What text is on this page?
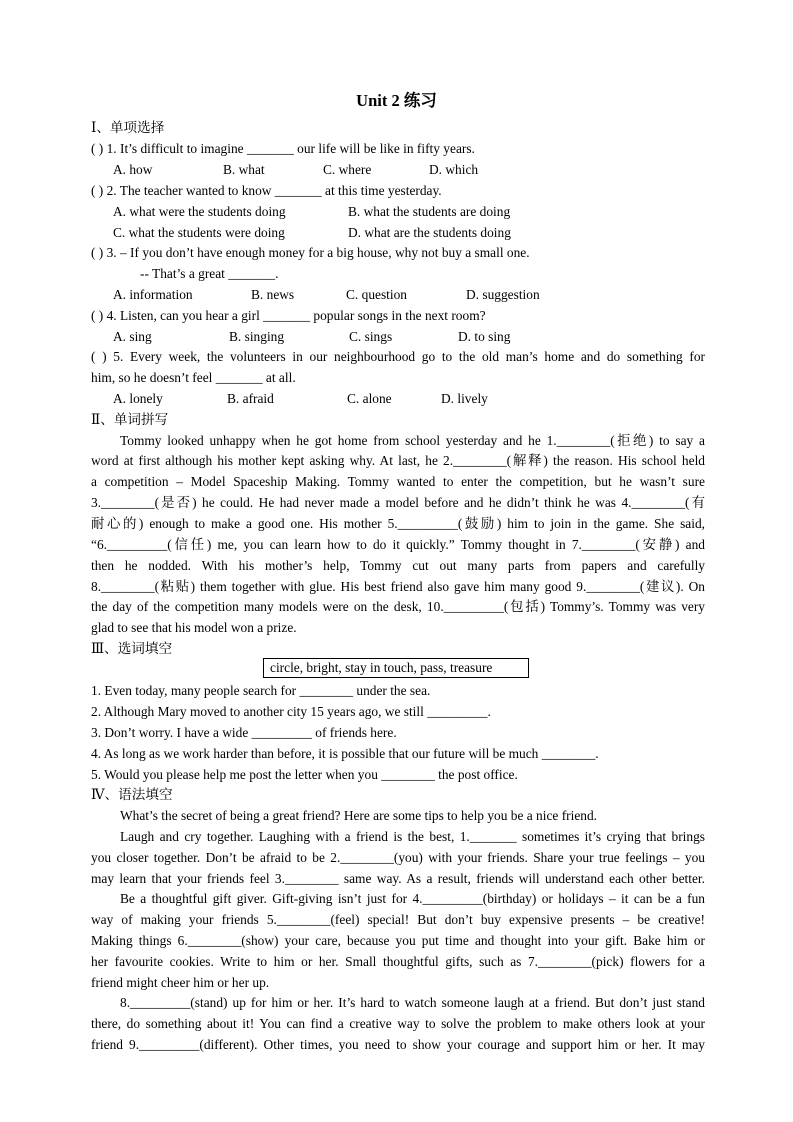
Unit 2 练习
Ⅰ、单项选择
( ) 1. It’s difficult to imagine _______ our life will be like in fifty years.
A. how	B. what	C. where	D. which
( ) 2. The teacher wanted to know _______ at this time yesterday.
A. what were the students doing	B. what the students are doing
C. what the students were doing	D. what are the students doing
( ) 3. – If you don’t have enough money for a big house, why not buy a small one.
-- That’s a great _______.
A. information	B. news	C. question	D. suggestion
( ) 4. Listen, can you hear a girl _______ popular songs in the next room?
A. sing	B. singing	C. sings	D. to sing
( ) 5. Every week, the volunteers in our neighbourhood go to the old man’s home and do something for
him, so he doesn’t feel _______ at all.
A. lonely	B. afraid	C. alone	D. lively
Ⅱ、单词拼写
Tommy looked unhappy when he got home from school yesterday and he 1.________(拒绝) to say a
word at first although his mother kept asking why. At last, he 2.________(解释) the reason. His school held
a competition – Model Spaceship Making. Tommy wanted to enter the competition, but he wasn’t sure
3.________(是否) he could. He had never made a model before and he didn’t think he was 4.________(有
耐心的) enough to make a good one. His mother 5._________(鼓励) him to join in the game. She said,
“6._________(信任) me, you can learn how to do it quickly.” Tommy thought in 7.________(安静) and
then he nodded. With his mother’s help, Tommy cut out many parts from papers and carefully
8.________(粘贴) them together with glue. His best friend also gave him many good 9.________(建议). On
the day of the competition many models were on the desk, 10._________(包括) Tommy’s. Tommy was very
glad to see that his model won a prize.
Ⅲ、选词填空
circle, bright, stay in touch, pass, treasure
1. Even today, many people search for ________ under the sea.
2. Although Mary moved to another city 15 years ago, we still _________.
3. Don’t worry. I have a wide _________ of friends here.
4. As long as we work harder than before, it is possible that our future will be much ________.
5. Would you please help me post the letter when you ________ the post office.
Ⅳ、语法填空
What’s the secret of being a great friend? Here are some tips to help you be a nice friend.
Laugh and cry together. Laughing with a friend is the best, 1._______ sometimes it’s crying that brings
you closer together. Don’t be afraid to be 2.________(you) with your friends. Share your true feelings – you
may learn that your friends feel 3.________ same way. As a result, friends will understand each other better.
Be a thoughtful gift giver. Gift-giving isn’t just for 4._________(birthday) or holidays – it can be a fun
way of making your friends 5.________(feel) special! But don’t buy expensive presents – be creative!
Making things 6.________(show) your care, because you put time and thought into your gift. Bake him or
her favourite cookies. Write to him or her. Small thoughtful gifts, such as 7.________(pick) flowers for a
friend might cheer him or her up.
8._________(stand) up for him or her. It’s hard to watch someone laugh at a friend. But don’t just stand
there, do something about it! You can find a creative way to solve the problem to make others look at your
friend 9._________(different). Other times, you need to show your courage and support him or her. It may
